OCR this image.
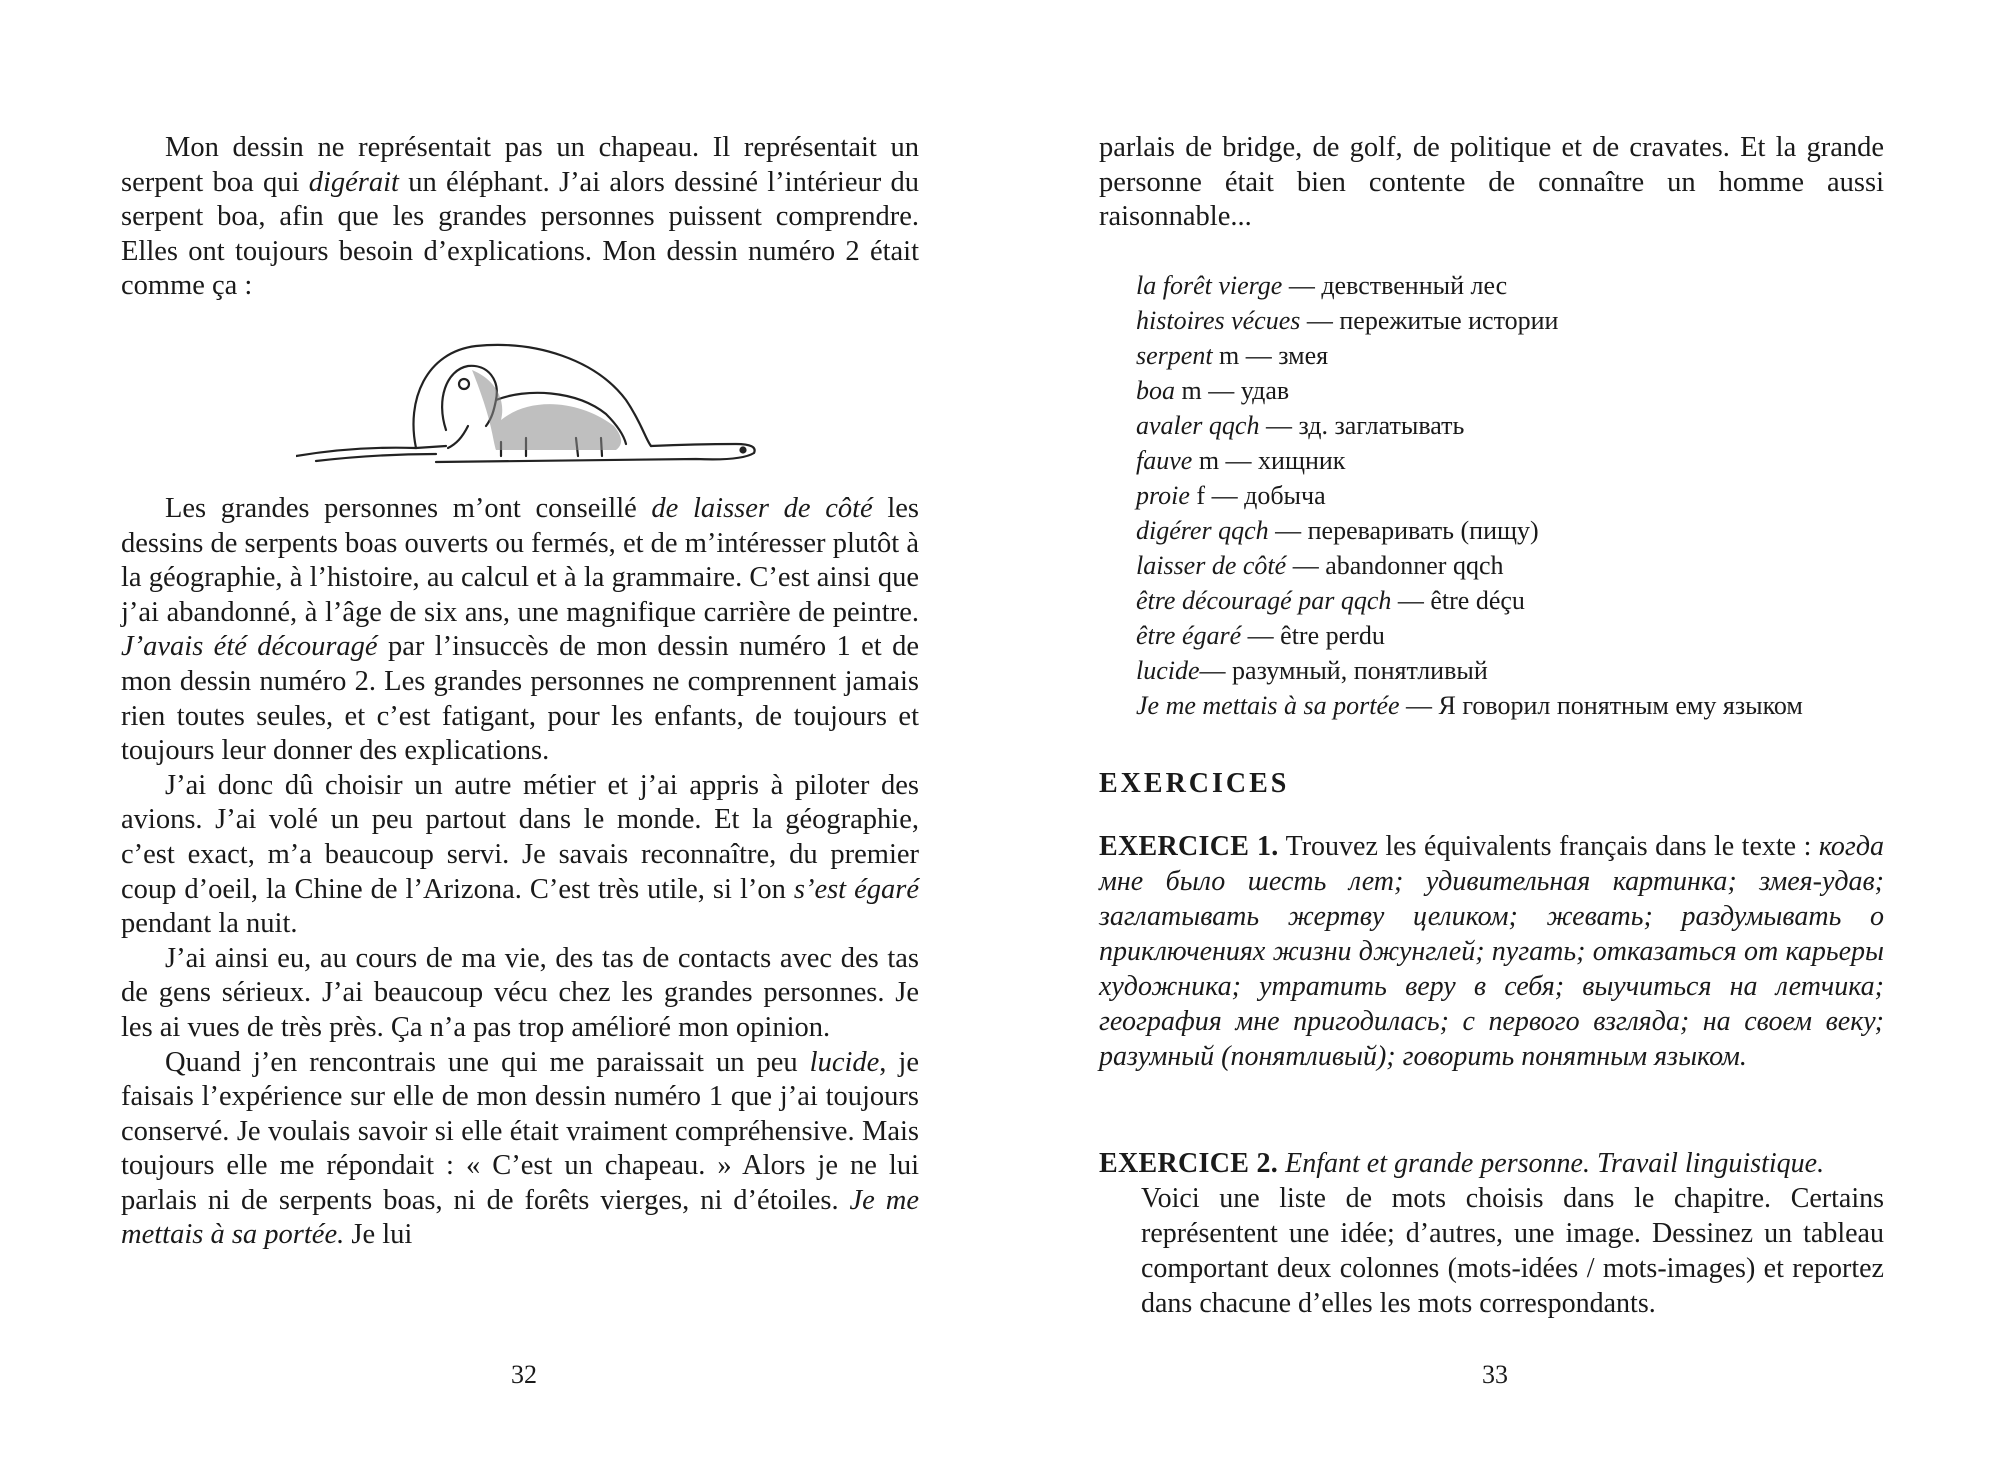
Mon dessin ne représentait pas un chapeau. Il représentait un serpent boa qui digérait un éléphant. J’ai alors dessiné l’intérieur du serpent boa, afin que les grandes personnes puissent comprendre. Elles ont toujours besoin d’explications. Mon dessin numéro 2 était comme ça :

Les grandes personnes m’ont conseillé de laisser de côté les dessins de serpents boas ouverts ou fermés, et de m’intéresser plutôt à la géographie, à l’histoire, au calcul et à la grammaire. C’est ainsi que j’ai abandonné, à l’âge de six ans, une magnifique carrière de peintre. J’avais été découragé par l’insuccès de mon dessin numéro 1 et de mon dessin numéro 2. Les grandes personnes ne comprennent jamais rien toutes seules, et c’est fatigant, pour les enfants, de toujours et toujours leur donner des explications.

J’ai donc dû choisir un autre métier et j’ai appris à piloter des avions. J’ai volé un peu partout dans le monde. Et la géographie, c’est exact, m’a beaucoup servi. Je savais reconnaître, du premier coup d’oeil, la Chine de l’Arizona. C’est très utile, si l’on s’est égaré pendant la nuit.

J’ai ainsi eu, au cours de ma vie, des tas de contacts avec des tas de gens sérieux. J’ai beaucoup vécu chez les grandes personnes. Je les ai vues de très près. Ça n’a pas trop amélioré mon opinion.

Quand j’en rencontrais une qui me paraissait un peu lucide, je faisais l’expérience sur elle de mon dessin numéro 1 que j’ai toujours conservé. Je voulais savoir si elle était vraiment compréhensive. Mais toujours elle me répondait : « C’est un chapeau. » Alors je ne lui parlais ni de serpents boas, ni de forêts vierges, ni d’étoiles. Je me mettais à sa portée. Je lui

32

parlais de bridge, de golf, de politique et de cravates. Et la grande personne était bien contente de connaître un homme aussi raisonnable...

la forêt vierge — девственный лес
histoires vécues — пережитые истории
serpent m — змея
boa m — удав
avaler qqch — зд. заглатывать
fauve m — хищник
proie f — добыча
digérer qqch — переваривать (пищу)
laisser de côté — abandonner qqch
être découragé par qqch — être déçu
être égaré — être perdu
lucide— разумный, понятливый
Je me mettais à sa portée — Я говорил понятным ему языком
EXERCICES

EXERCICE 1. Trouvez les équivalents français dans le texte : когда мне было шесть лет; удивительная картинка; змея-удав; заглатывать жертву целиком; жевать; раздумывать о приключениях жизни джунглей; пугать; отказаться от карьеры художника; утратить веру в себя; выучиться на летчика; география мне пригодилась; с первого взгляда; на своем веку; разумный (понятливый); говорить понятным языком.

EXERCICE 2. Enfant et grande personne. Travail linguistique.

Voici une liste de mots choisis dans le chapitre. Certains représentent une idée; d’autres, une image. Dessinez un tableau comportant deux colonnes (mots-idées / mots-images) et reportez dans chacune d’elles les mots correspondants.

33
